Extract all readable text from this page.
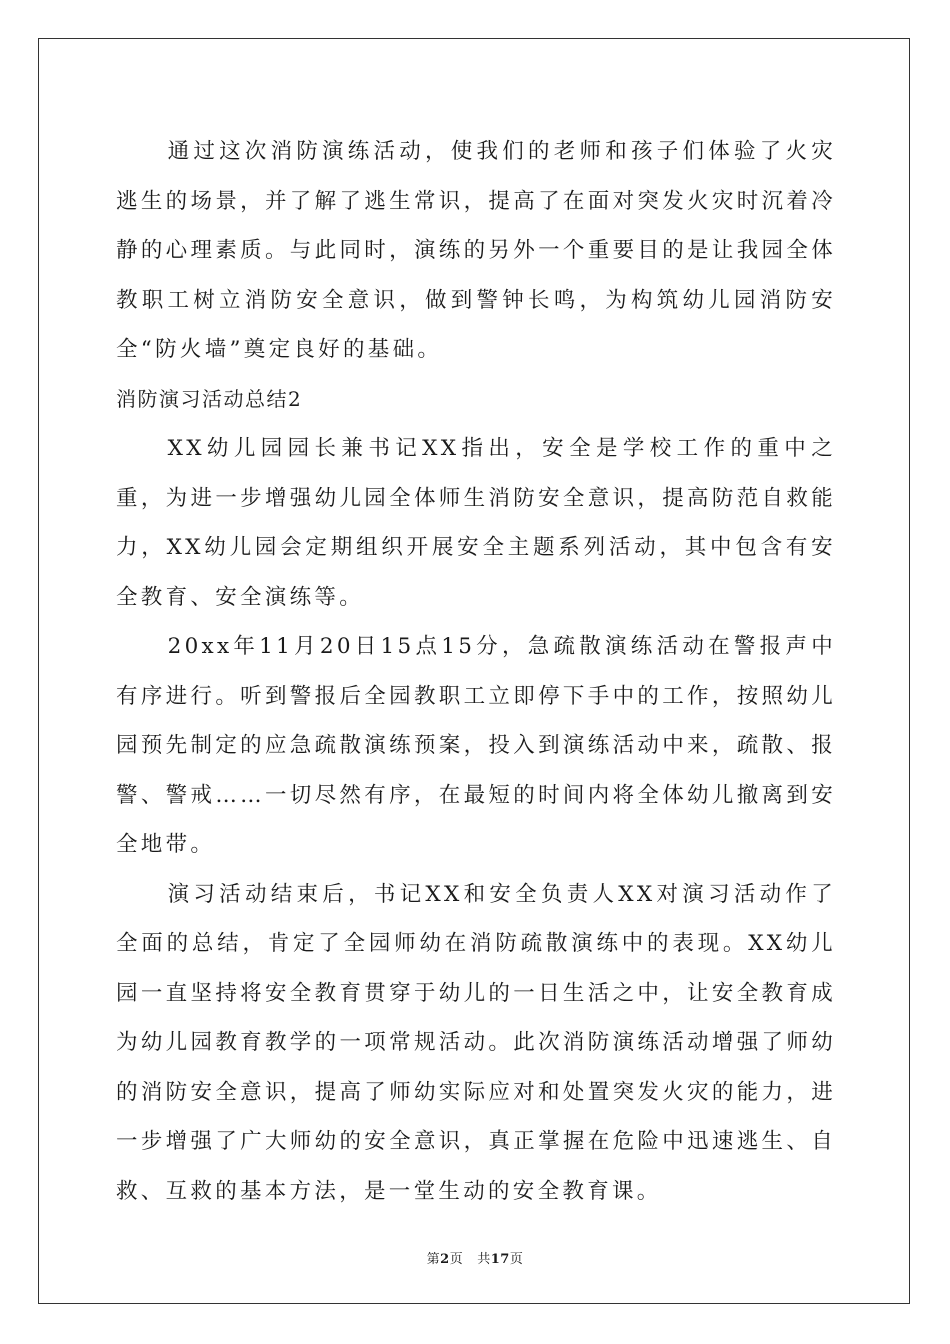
通过这次消防演练活动，使我们的老师和孩子们体验了火灾逃生的场景，并了解了逃生常识，提高了在面对突发火灾时沉着冷静的心理素质。与此同时，演练的另外一个重要目的是让我园全体教职工树立消防安全意识，做到警钟长鸣，为构筑幼儿园消防安全“防火墙”奠定良好的基础。

消防演习活动总结2

XX幼儿园园长兼书记XX指出，安全是学校工作的重中之重，为进一步增强幼儿园全体师生消防安全意识，提高防范自救能力，XX幼儿园会定期组织开展安全主题系列活动，其中包含有安全教育、安全演练等。

20xx年11月20日15点15分，急疏散演练活动在警报声中有序进行。听到警报后全园教职工立即停下手中的工作，按照幼儿园预先制定的应急疏散演练预案，投入到演练活动中来，疏散、报警、警戒……一切尽然有序，在最短的时间内将全体幼儿撤离到安全地带。

演习活动结束后，书记XX和安全负责人XX对演习活动作了全面的总结，肯定了全园师幼在消防疏散演练中的表现。XX幼儿园一直坚持将安全教育贯穿于幼儿的一日生活之中，让安全教育成为幼儿园教育教学的一项常规活动。此次消防演练活动增强了师幼的消防安全意识，提高了师幼实际应对和处置突发火灾的能力，进一步增强了广大师幼的安全意识，真正掌握在危险中迅速逃生、自救、互救的基本方法，是一堂生动的安全教育课。

第2页 共17页
